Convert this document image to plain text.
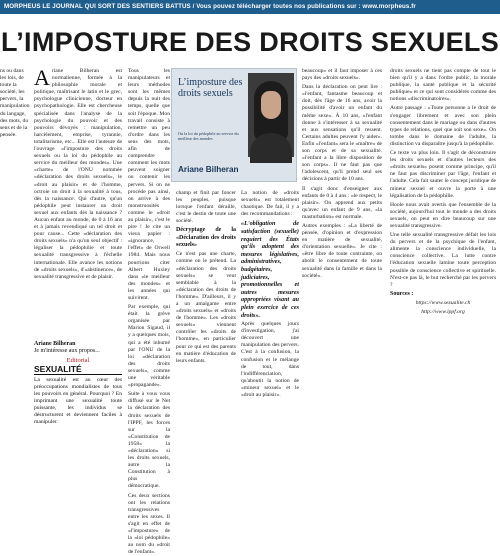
MORPHEUS LE JOURNAL QUI SORT DES SENTIERS BATTUS / Vous pouvez télécharger toutes nos publications sur : www.morpheus.fr
L’IMPOSTURE DES DROITS SEXUELS
ns ou dans les lois, de toute la société, les pervers, la manipulation du langage, des mots, du sens et de la pensée.

Ariane Bilheran est normalienne, formée à la philosophie morale et politique, maîtrisant le latin et le grec, psychologue clinicienne, docteur en psychopathologie. Elle est chercheuse spécialisée dans l'analyse de la psychologie du pouvoir et des pouvoirs dévoyés : manipulation, harcèlement, emprise, tyrannie, totalitarisme, etc... Elle est l'auteure de l'ouvrage «l'imposture des droits sexuels ou la loi du pédophile au service du meilleur des mondes». Une «charte» de l'ONU nommée «déclaration des droits sexuels», le «droit au plaisir» et de l'homme, octroie un droit à la sexualité à tous, dès la naissance. Qui d'autre, qu'un pédophile peut instaurer un droit sexuel aux enfants dès la naissance ? Aucun enfant au monde, de 0 à 16 ans et à jamais revendiqué un tel droit et pour cause... Cette «déclaration des droits sexuels» n'a qu'un seul objectif : légaliser la pédophilie et toute sexualité transgressive à l'échelle internationale. Elle avance les notions de «droits sexuels», d'«abstinence», de sexualité transgressive et de plaisir.

Tous les manipulateurs et leurs méthodes sont les mêmes depuis la nuit des temps, quelle que soit l'époque. Mon travail consiste à remettre un peu d'ordre dans les sens des mots, afin de comprendre comment les mots peuvent soigner ou contenir les pervers. Si on ne procède pas ainsi, on arrive à des monstruosités comme le «droit au plaisir», c'est le pire ! Je cite un vieux papier : «ignorance, l'effet» de Orwell 1984. Mais nous pourrions citer Albert Huxley dans «le meilleur des mondes» et les années qui suivirent.

Par exemple, qui était la grève organisée par Marion Sigaud, il y a quelques mois, qui a été inhumé par l'ONU de la loi «déclaration des droits sexuels», comme une véritable «propagande».

Suite à vous vous diffusé sur le Net la déclaration des droits sexuels de l'IPPF, les forces sur la «Constitution de 1958» la «déclaration» si les droits sexuels, autre la Constitution à plus démocratique.

Ces deux sections ont les relations transgressives entre les sexes. Il s'agit en effet de «l'imposture» de la «loi pédophile» au nom du «droit de l'enfant».

L’imposture des droits sexuels
Ou la loi du pédophile au service du meilleur des mondes
Ariane Bilheran

champ et finit par foncer les peuples, puisque lorsque l'enfant déraille, c'est le destin de toute une société.

Décryptage de la «Déclaration des droits sexuels»

Ce n'est pas une charte, comme on le prétend. La «déclaration des droits sexuels» se veut semblable à la «déclaration des droits de l'homme». D'ailleurs, il y a un amalgame entre «droits sexuels» et «droits de l'homme». Les «droits sexuels» viennent contrôler les «droits de l'homme», en particulier pour ce qui est des parents en matière d'éducation de leurs enfants.

La notion de «droits sexuels» est totalement chaotique. De fait, il y a des recommandations :

«L'obligation de satisfaction (sexuelle) requiert des États qu'ils adoptent des mesures législatives, administratives, budgétaires, judiciaires, promotionnelles et autres mesures appropriées visant au plein exercice de ces droits».

Après quelques jours d'investigation, j'ai découvert une manipulation des pervers. C'est à la confusion, la confusion et le mélange de tout, dans l'indifférenciation, qu'aboutit la notion de «mineur sexuel» et le «droit au plaisir».

beaucoup» et il faut imposer à ces pays des «droits sexuels».

Dans la déclaration on peut lire : «l'enfant, fantasme beaucoup et doit, dès l'âge de 16 ans, avoir la possibilité d'avoir un enfant du même sexe». À 10 ans, «l'enfant donne à s'intéresser à sa sexualité et aux sensations qu'il ressent. Certains adultes peuvent l'y aider». Enfin «l'enfant» sera le «maître» de son corps et de sa sexualité. «l'enfant a la libre disposition de son corps». Il ne faut pas que l'adolescent, qu'il prend seul ses décisions à partir de 10 ans.

Il s'agit donc d'enseigner aux enfants de 0 à 4 ans : «le respect, le plaisir». On apprend aux petits qu'avec un enfant de 9 ans, «la masturbation» est normale.

Autres exemples : «La liberté de pensée, d'opinion et d'expression en matière de sexualité, d'orientation sexuelle». Je cite : «être libre de toute contrainte, on abolit le consentement de toute sexualité dans la famille et dans la société».

droits sexuels ne tient pas compte de tout le bien qu'il y a dans l'ordre public, la morale publique, la santé publique et la sécurité publique» et ce qui sont considérés comme des notions «discriminatoires».

Autre passage : «Toute personne a le droit de s'engager librement et avec son plein consentement dans le mariage ou dans d'autres types de relations, quel que soit son sexe». On tombe dans le domaine de l'adulte, la distinction va disparaître jusqu'à la pédophilie.

Ce texte va plus loin. Il s'agit de déconstruire les droits sexuels et d'autres lecteurs des «droits sexuels» posent comme principe, qu'il ne faut pas discriminer par l'âge, l'enfant et l'adulte. Cela fait sauter le concept juridique de mineur sexuel et ouvre la porte à une légalisation de la pédophilie.

Hoole nous avait avertis que l'ensemble de la société, aujourd'hui tout le monde a des droits sexuels, on peut en dire beaucoup sur une sexualité transgressive.

Une telle sexualité transgressive défait les lois du pervers et de la psychique de l'enfant, alimente la conscience individuelle, la conscience collective. La lutte contre l'éducation sexuelle lamine toute perception possible de conscience collective et spirituelle. N'est-ce pas là, le but recherché par les pervers ?

Sources :

https://www.sexualite.ch

http://www.ippf.org

Ariane Bilheran
Je m'intéresse aux propos...
Editorial
SEXUALITÉ
La sexualité est au cœur des préoccupations mondialistes de tous les pouvoirs en général. Pourquoi ? En imprimant une sexualité toute puissante, les individus se déstructurent et deviennent faciles à manipuler.
